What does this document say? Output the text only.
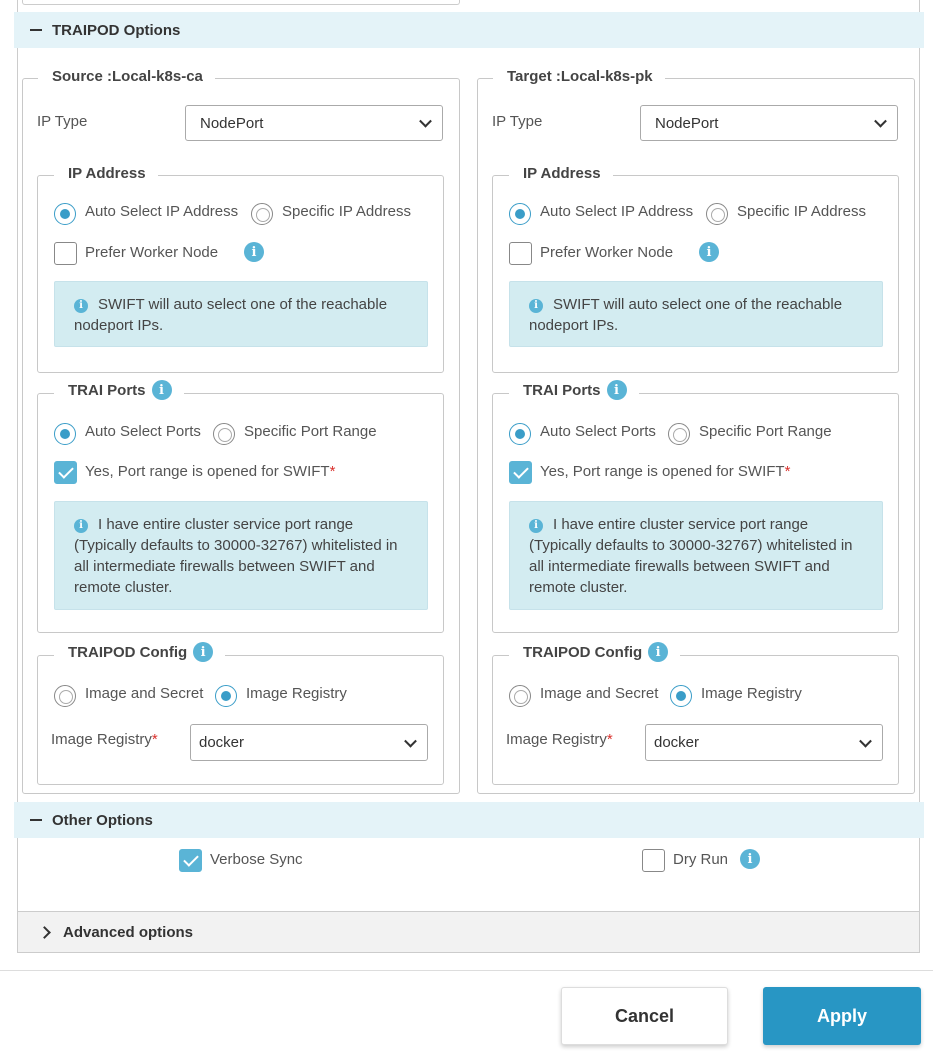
TRAIPOD Options
Source :Local-k8s-ca
IP Type	NodePort
IP Address
Auto Select IP Address	Specific IP Address
Prefer Worker Node	i
i SWIFT will auto select one of the reachable nodeport IPs.
TRAI Ports	i
Auto Select Ports	Specific Port Range
Yes, Port range is opened for SWIFT*
i I have entire cluster service port range (Typically defaults to 30000-32767) whitelisted in all intermediate firewalls between SWIFT and remote cluster.
TRAIPOD Config	i
Image and Secret	Image Registry
Image Registry*	docker
Target :Local-k8s-pk
IP Type	NodePort
IP Address
Auto Select IP Address	Specific IP Address
Prefer Worker Node	i
i SWIFT will auto select one of the reachable nodeport IPs.
TRAI Ports	i
Auto Select Ports	Specific Port Range
Yes, Port range is opened for SWIFT*
i I have entire cluster service port range (Typically defaults to 30000-32767) whitelisted in all intermediate firewalls between SWIFT and remote cluster.
TRAIPOD Config	i
Image and Secret	Image Registry
Image Registry*	docker
Other Options
Verbose Sync	Dry Run	i
Advanced options
Cancel	Apply
